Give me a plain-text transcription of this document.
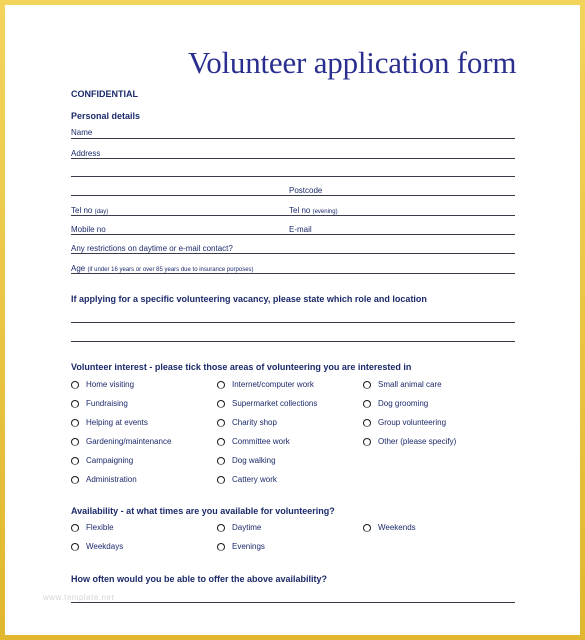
Volunteer application form
CONFIDENTIAL
Personal details
Name
Address
Postcode
Tel no (day)	Tel no (evening)
Mobile no	E-mail
Any restrictions on daytime or e-mail contact?
Age (if under 16 years or over 85 years due to insurance purposes)
If applying for a specific volunteering vacancy, please state which role and location
Volunteer interest - please tick those areas of volunteering you are interested in
Home visiting	Internet/computer work	Small animal care
Fundraising	Supermarket collections	Dog grooming
Helping at events	Charity shop	Group volunteering
Gardening/maintenance	Committee work	Other (please specify)
Campaigning	Dog walking
Administration	Cattery work
Availability - at what times are you available for volunteering?
Flexible	Daytime	Weekends
Weekdays	Evenings
How often would you be able to offer the above availability?
www.template.net
